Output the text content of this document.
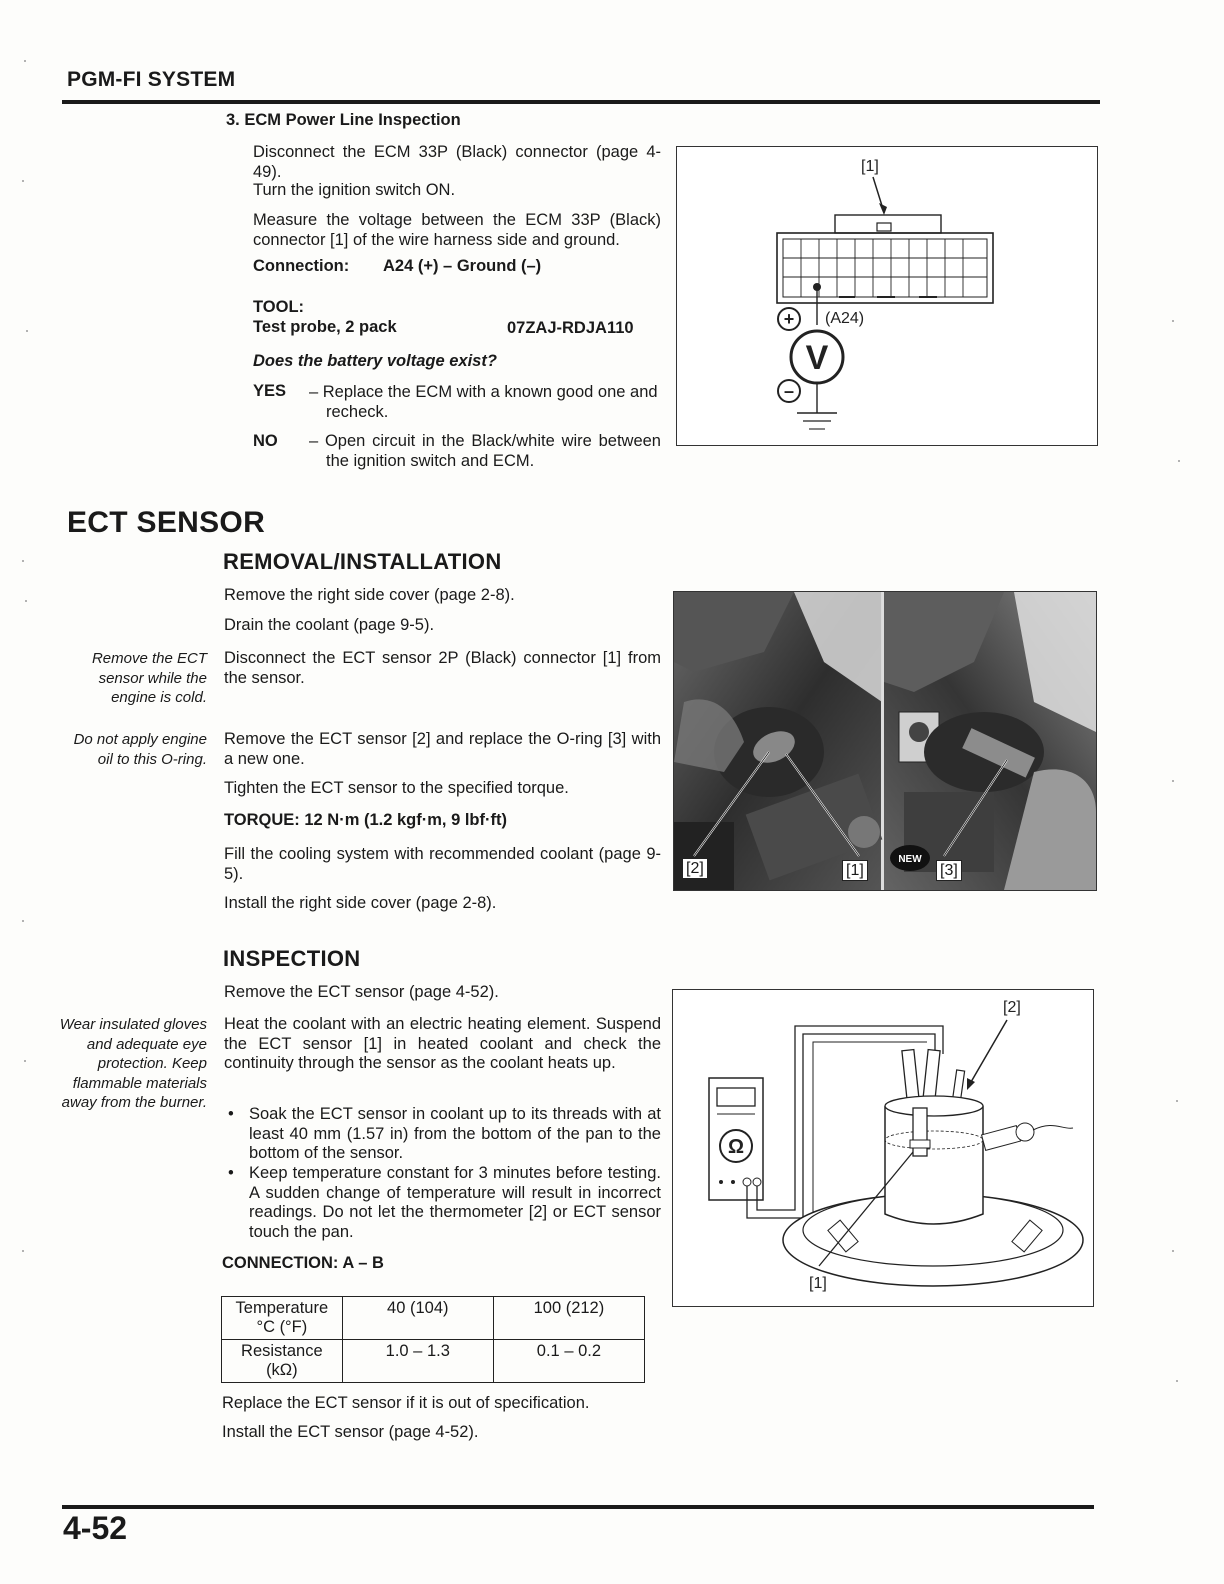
PGM-FI SYSTEM
3. ECM Power Line Inspection
Disconnect the ECM 33P (Black) connector (page 4-49).
Turn the ignition switch ON.
Measure the voltage between the ECM 33P (Black) connector [1] of the wire harness side and ground.
Connection: A24 (+) – Ground (–)
TOOL:
Test probe, 2 pack	07ZAJ-RDJA110
Does the battery voltage exist?
YES – Replace the ECM with a known good one and recheck.
NO – Open circuit in the Black/white wire between the ignition switch and ECM.
[1]
(A24)
+
V
–
ECT SENSOR
REMOVAL/INSTALLATION
Remove the right side cover (page 2-8).
Drain the coolant (page 9-5).
Disconnect the ECT sensor 2P (Black) connector [1] from the sensor.
Remove the ECT sensor [2] and replace the O-ring [3] with a new one.
Tighten the ECT sensor to the specified torque.
TORQUE: 12 N·m (1.2 kgf·m, 9 lbf·ft)
Fill the cooling system with recommended coolant (page 9-5).
Install the right side cover (page 2-8).
Remove the ECT sensor while the engine is cold.
Do not apply engine oil to this O-ring.
NEW
[2]	[1]	[3]
INSPECTION
Remove the ECT sensor (page 4-52).
Heat the coolant with an electric heating element. Suspend the ECT sensor [1] in heated coolant and check the continuity through the sensor as the coolant heats up.
• Soak the ECT sensor in coolant up to its threads with at least 40 mm (1.57 in) from the bottom of the pan to the bottom of the sensor.
• Keep temperature constant for 3 minutes before testing. A sudden change of temperature will result in incorrect readings. Do not let the thermometer [2] or ECT sensor touch the pan.
CONNECTION: A – B
Wear insulated gloves and adequate eye protection. Keep flammable materials away from the burner.
Temperature °C (°F)	40 (104)	100 (212)
Resistance (kΩ)	1.0 – 1.3	0.1 – 0.2
Replace the ECT sensor if it is out of specification.
Install the ECT sensor (page 4-52).
[2]
Ω
[1]
4-52
